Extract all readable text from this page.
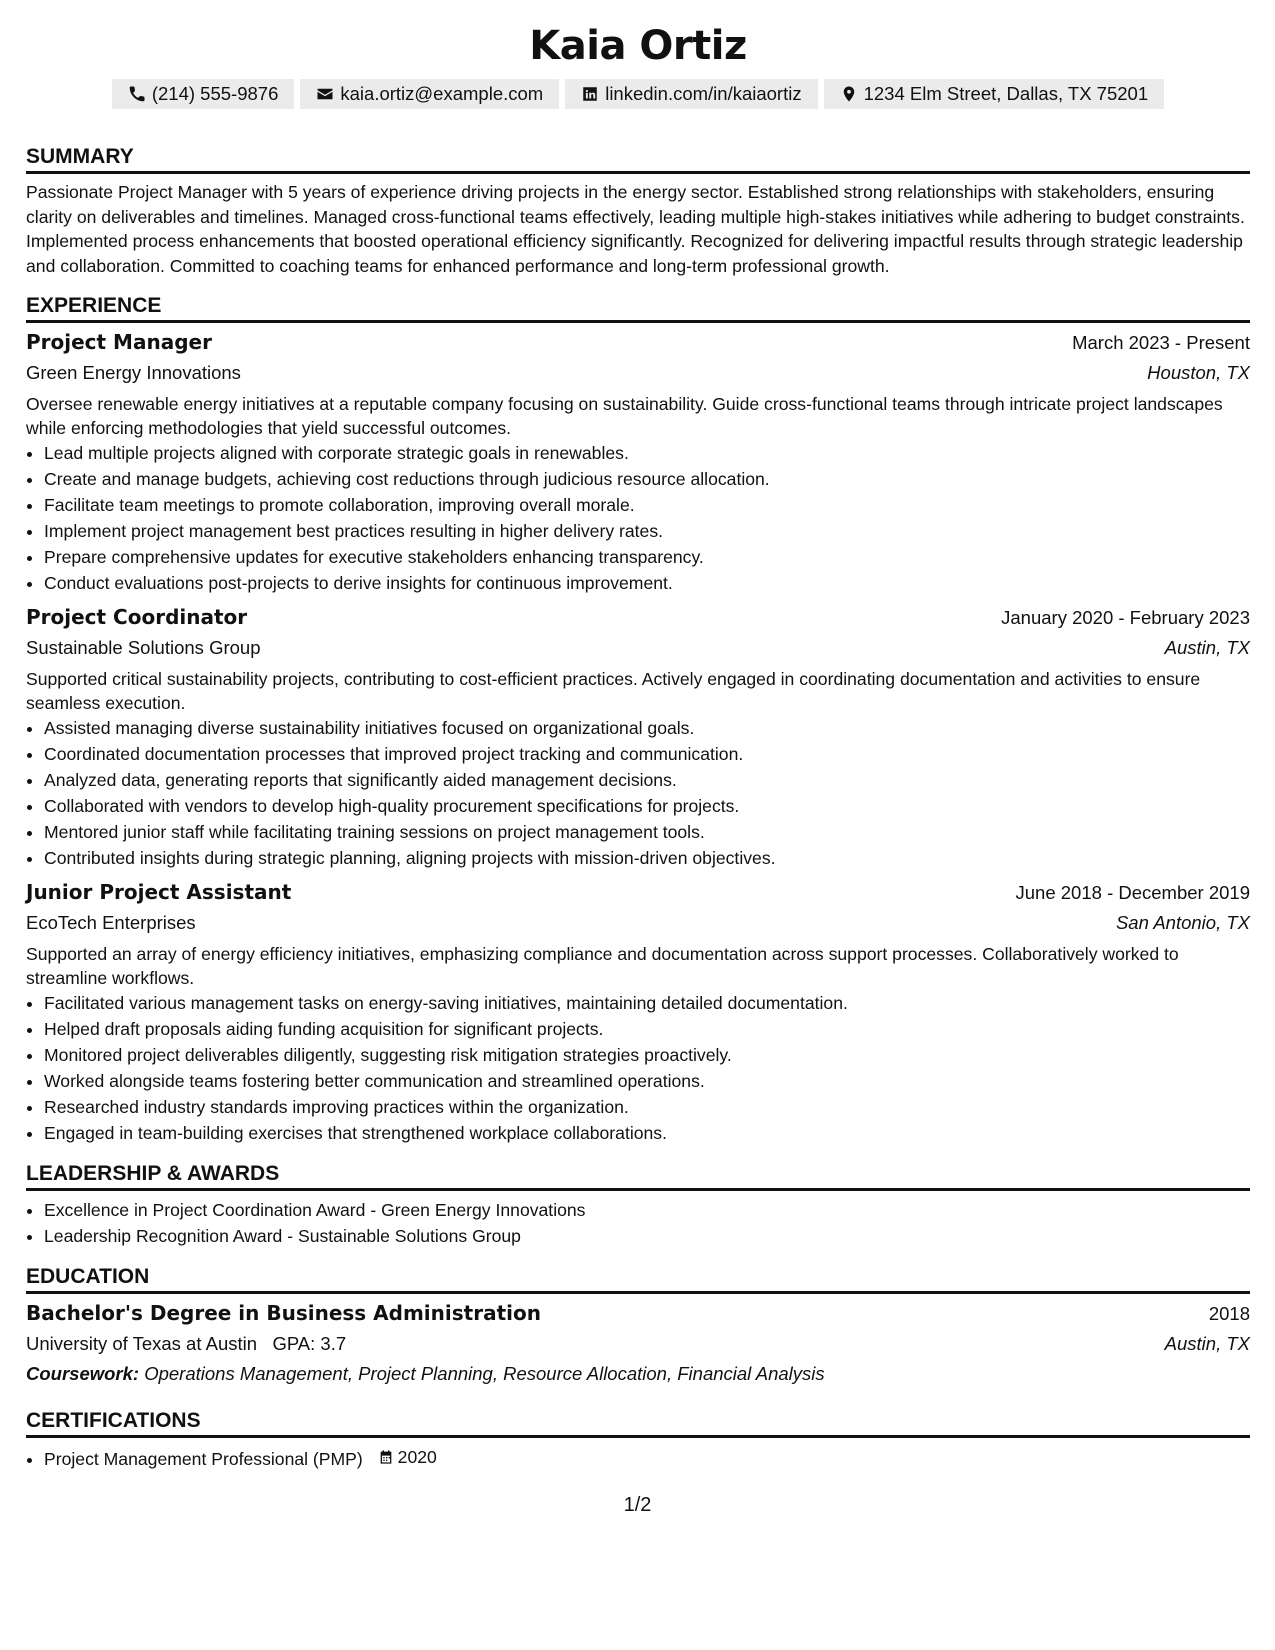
Kaia Ortiz
(214) 555-9876	kaia.ortiz@example.com	linkedin.com/in/kaiaortiz	1234 Elm Street, Dallas, TX 75201
SUMMARY

Passionate Project Manager with 5 years of experience driving projects in the energy sector. Established strong relationships with stakeholders, ensuring clarity on deliverables and timelines. Managed cross-functional teams effectively, leading multiple high-stakes initiatives while adhering to budget constraints. Implemented process enhancements that boosted operational efficiency significantly. Recognized for delivering impactful results through strategic leadership and collaboration. Committed to coaching teams for enhanced performance and long-term professional growth.

EXPERIENCE
Project Manager	March 2023 - Present
Green Energy Innovations	Houston, TX

Oversee renewable energy initiatives at a reputable company focusing on sustainability. Guide cross-functional teams through intricate project landscapes while enforcing methodologies that yield successful outcomes.

• Lead multiple projects aligned with corporate strategic goals in renewables.
• Create and manage budgets, achieving cost reductions through judicious resource allocation.
• Facilitate team meetings to promote collaboration, improving overall morale.
• Implement project management best practices resulting in higher delivery rates.
• Prepare comprehensive updates for executive stakeholders enhancing transparency.
• Conduct evaluations post-projects to derive insights for continuous improvement.
Project Coordinator	January 2020 - February 2023
Sustainable Solutions Group	Austin, TX

Supported critical sustainability projects, contributing to cost-efficient practices. Actively engaged in coordinating documentation and activities to ensure seamless execution.

• Assisted managing diverse sustainability initiatives focused on organizational goals.
• Coordinated documentation processes that improved project tracking and communication.
• Analyzed data, generating reports that significantly aided management decisions.
• Collaborated with vendors to develop high-quality procurement specifications for projects.
• Mentored junior staff while facilitating training sessions on project management tools.
• Contributed insights during strategic planning, aligning projects with mission-driven objectives.
Junior Project Assistant	June 2018 - December 2019
EcoTech Enterprises	San Antonio, TX

Supported an array of energy efficiency initiatives, emphasizing compliance and documentation across support processes. Collaboratively worked to streamline workflows.

• Facilitated various management tasks on energy-saving initiatives, maintaining detailed documentation.
• Helped draft proposals aiding funding acquisition for significant projects.
• Monitored project deliverables diligently, suggesting risk mitigation strategies proactively.
• Worked alongside teams fostering better communication and streamlined operations.
• Researched industry standards improving practices within the organization.
• Engaged in team-building exercises that strengthened workplace collaborations.
LEADERSHIP & AWARDS
• Excellence in Project Coordination Award - Green Energy Innovations
• Leadership Recognition Award - Sustainable Solutions Group
EDUCATION
Bachelor's Degree in Business Administration	2018
University of Texas at Austin GPA: 3.7	Austin, TX
Coursework: Operations Management, Project Planning, Resource Allocation, Financial Analysis
CERTIFICATIONS
• Project Management Professional (PMP) 2020
1/2
